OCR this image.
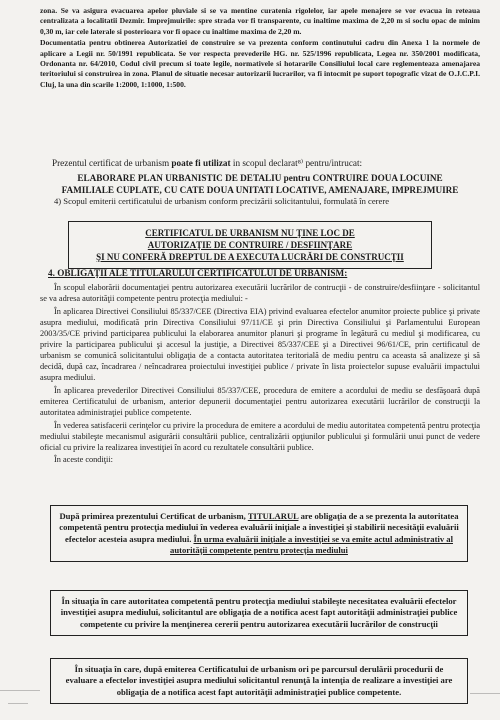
zona. Se va asigura evacuarea apelor pluviale si se va mentine curatenia rigolelor, iar apele menajere se vor evacua in reteaua centralizata a localitatii Dezmir. Imprejmuirile: spre strada vor fi transparente, cu inaltime maxima de 2,20 m si soclu opac de minim 0,30 m, iar cele laterale si posterioara vor fi opace cu inaltime maxima de 2,20 m.

Documentatia pentru obtinerea Autorizatiei de construire se va prezenta conform continutului cadru din Anexa 1 la normele de aplicare a Legii nr. 50/1991 republicata. Se vor respecta prevederile HG. nr. 525/1996 republicata, Legea nr. 350/2001 modificata, Ordonanta nr. 64/2010, Codul civil precum si toate legile, normativele si hotararile Consiliului local care reglementeaza amenajarea teritoriului si construirea in zona. Planul de situatie necesar autorizarii lucrarilor, va fi intocmit pe suport topografic vizat de O.J.C.P.I. Cluj, la una din scarile 1:2000, 1:1000, 1:500.

Prezentul certificat de urbanism poate fi utilizat in scopul declarat⁸⁾ pentru/intrucat:

ELABORARE PLAN URBANISTIC DE DETALIU pentru CONTRUIRE DOUA LOCUINE

FAMILIALE CUPLATE, CU CATE DOUA UNITATI LOCATIVE, AMENAJARE, IMPREJMUIRE

4) Scopul emiterii certificatului de urbanism conform precizării solicitantului, formulată în cerere

CERTIFICATUL DE URBANISM NU ŢINE LOC DE

AUTORIZAŢIE DE CONTRUIRE / DESFIINŢARE

ŞI NU CONFERĂ DREPTUL DE A EXECUTA LUCRĂRI DE CONSTRUCŢII

4. OBLIGAŢII ALE TITULARULUI CERTIFICATULUI DE URBANISM:

În scopul elaborării documentaţiei pentru autorizarea executării lucrărilor de contrucţii - de construire/desfiinţare - solicitantul se va adresa autorităţii competente pentru protecţia mediului: -

În aplicarea Directivei Consiliului 85/337/CEE (Directiva EIA) privind evaluarea efectelor anumitor proiecte publice şi private asupra mediului, modificată prin Directiva Consiliului 97/11/CE şi prin Directiva Consiliului şi Parlamentului European 2003/35/CE privind participarea publicului la elaborarea anumitor planuri şi programe în legătură cu mediul şi modificarea, cu privire la participarea publicului şi accesul la justiţie, a Directivei 85/337/CEE şi a Directivei 96/61/CE, prin certificatul de urbanism se comunică solicitantului obligaţia de a contacta autoritatea teritorială de mediu pentru ca aceasta să analizeze şi să decidă, după caz, încadrarea / neîncadrarea proiectului investiţiei publice / private în lista proiectelor supuse evaluării impactului asupra mediului.

În aplicarea prevederilor Directivei Consiliului 85/337/CEE, procedura de emitere a acordului de mediu se desfăşoară după emiterea Certificatului de urbanism, anterior depunerii documentaţiei pentru autorizarea executării lucrărilor de construcţii la autoritatea administraţiei publice competente.

În vederea satisfacerii cerinţelor cu privire la procedura de emitere a acordului de mediu autoritatea competentă pentru protecţia mediului stabileşte mecanismul asigurării consultării publice, centralizării opţiunilor publicului şi formulării unui punct de vedere oficial cu privire la realizarea investiţiei în acord cu rezultatele consultării publice.

În aceste condiţii:

După primirea prezentului Certificat de urbanism, TITULARUL are obligaţia de a se prezenta la autoritatea competentă pentru protecţia mediului în vederea evaluării iniţiale a investiţiei şi stabilirii necesităţii evaluării efectelor acesteia asupra mediului. În urma evaluării iniţiale a investiţiei se va emite actul administrativ al autorităţii competente pentru protecţia mediului
În situaţia în care autoritatea competentă pentru protecţia mediului stabileşte necesitatea evaluării efectelor investiţiei asupra mediului, solicitantul are obligaţia de a notifica acest fapt autorităţii administraţiei publice competente cu privire la menţinerea cererii pentru autorizarea executării lucrărilor de construcţii
În situaţia în care, după emiterea Certificatului de urbanism ori pe parcursul derulării procedurii de evaluare a efectelor investiţiei asupra mediului solicitantul renunţă la intenţia de realizare a investiţiei are obligaţia de a notifica acest fapt autorităţii administraţiei publice competente.
